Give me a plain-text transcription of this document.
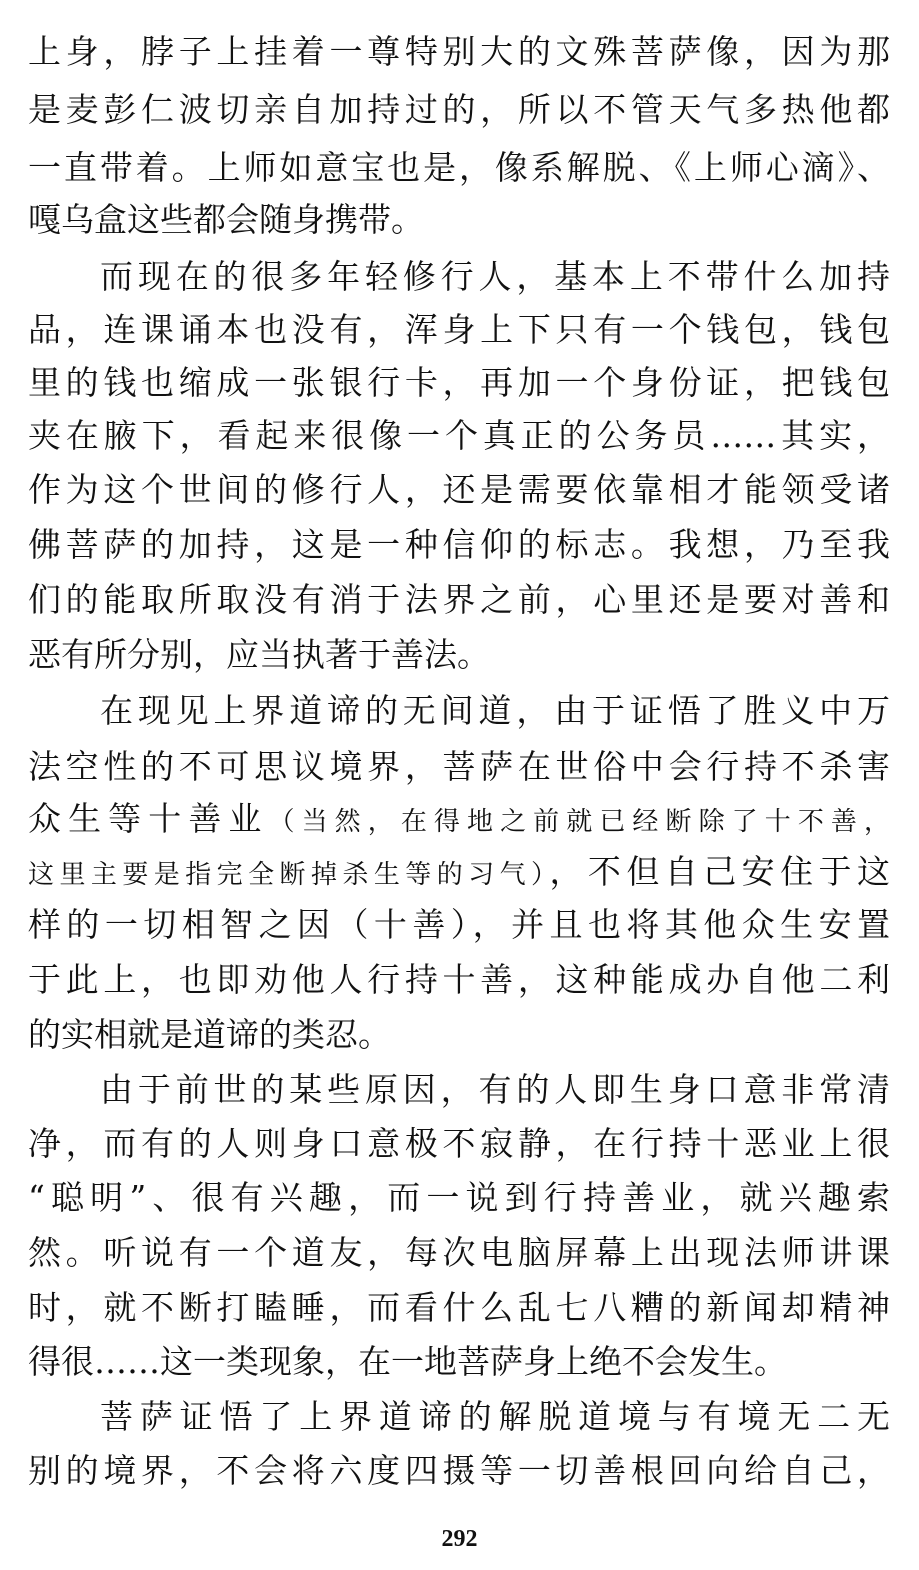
上身，脖子上挂着一尊特别大的文殊菩萨像，因为那
是麦彭仁波切亲自加持过的，所以不管天气多热他都
一直带着。上师如意宝也是，像系解脱、《上师心滴》、
嘎乌盒这些都会随身携带。
而现在的很多年轻修行人，基本上不带什么加持
品，连课诵本也没有，浑身上下只有一个钱包，钱包
里的钱也缩成一张银行卡，再加一个身份证，把钱包
夹在腋下，看起来很像一个真正的公务员……其实，
作为这个世间的修行人，还是需要依靠相才能领受诸
佛菩萨的加持，这是一种信仰的标志。我想，乃至我
们的能取所取没有消于法界之前，心里还是要对善和
恶有所分别，应当执著于善法。
在现见上界道谛的无间道，由于证悟了胜义中万
法空性的不可思议境界，菩萨在世俗中会行持不杀害
众生等十善业（当然，在得地之前就已经断除了十不善，
这里主要是指完全断掉杀生等的习气），不但自己安住于这
样的一切相智之因（十善），并且也将其他众生安置
于此上，也即劝他人行持十善，这种能成办自他二利
的实相就是道谛的类忍。
由于前世的某些原因，有的人即生身口意非常清
净，而有的人则身口意极不寂静，在行持十恶业上很
“聪明”、很有兴趣，而一说到行持善业，就兴趣索
然。听说有一个道友，每次电脑屏幕上出现法师讲课
时，就不断打瞌睡，而看什么乱七八糟的新闻却精神
得很……这一类现象，在一地菩萨身上绝不会发生。
菩萨证悟了上界道谛的解脱道境与有境无二无
别的境界，不会将六度四摄等一切善根回向给自己，
292
